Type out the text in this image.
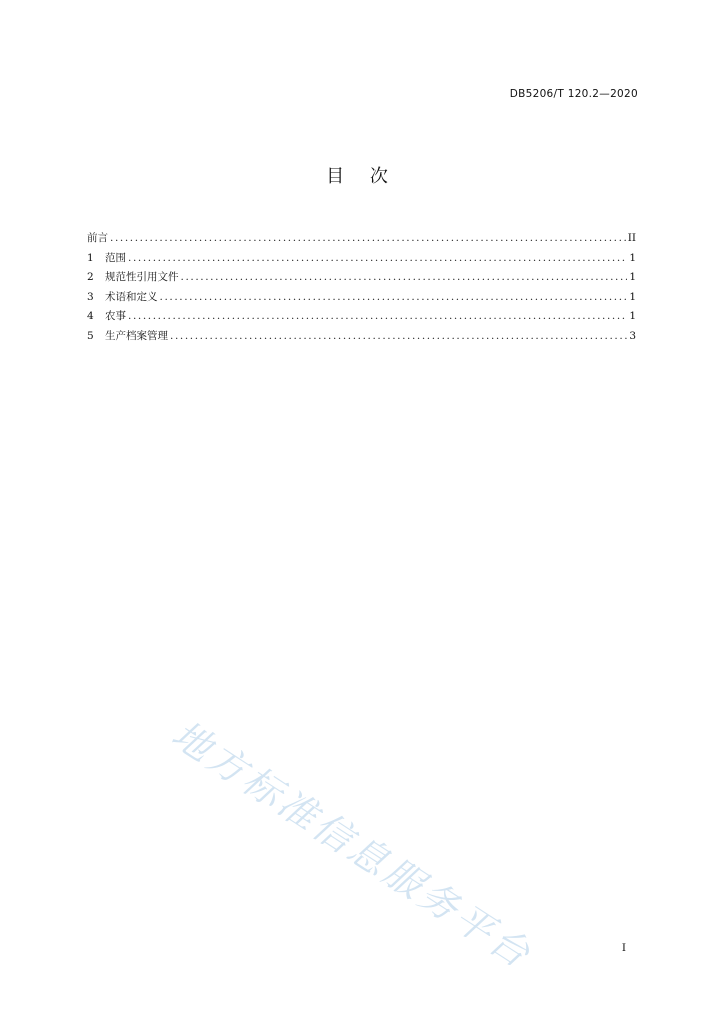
DB5206/T 120.2—2020
目 次
前言 .....	II
1	范围 .....	1
2	规范性引用文件 .....	1
3	术语和定义 .....	1
4	农事 .....	1
5	生产档案管理 .....	3
地方标准信息服务平台	I
